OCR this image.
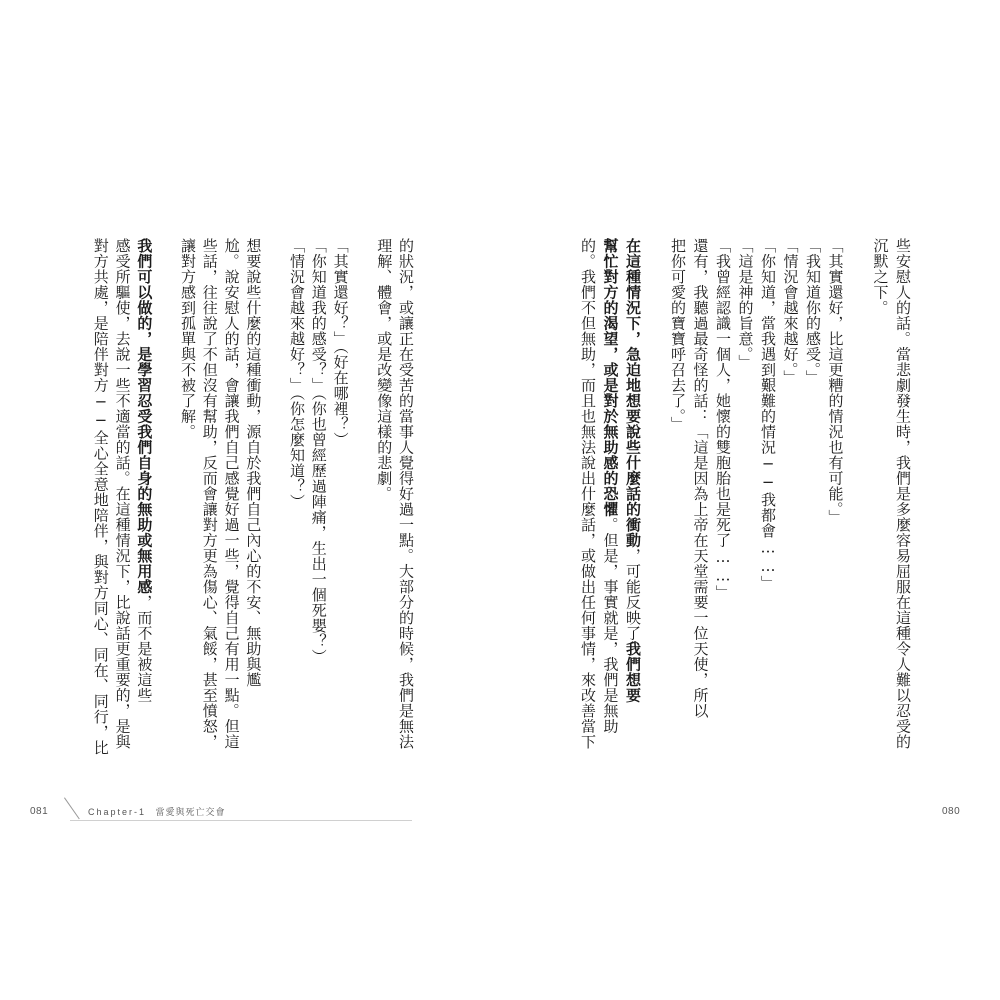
的狀況，或讓正在受苦的當事人覺得好過一點。大部分的時候，我們是無法
理解、體會，或是改變像這樣的悲劇。
「其實還好？」（好在哪裡？）
「你知道我的感受？」（你也曾經歷過陣痛，生出一個死嬰？）
「情況會越來越好？」（你怎麼知道？）
想要說些什麼的這種衝動，源自於我們自己內心的不安、無助與尷
尬。說安慰人的話，會讓我們自己感覺好過一些，覺得自己有用一點。但這
些話，往往說了不但沒有幫助，反而會讓對方更為傷心、氣餒，甚至憤怒，
讓對方感到孤單與不被了解。
我們可以做的，是學習忍受我們自身的無助或無用感，而不是被這些
感受所驅使，去說一些不適當的話。在這種情況下，比說話更重要的，是與
對方共處，是陪伴對方──全心全意地陪伴，與對方同心、同在、同行，比
081	Chapter-1 當愛與死亡交會
些安慰人的話。當悲劇發生時，我們是多麼容易屈服在這種令人難以忍受的
沉默之下。
「其實還好，比這更糟的情況也有可能。」
「我知道你的感受。」
「情況會越來越好。」
「你知道，當我遇到艱難的情況──我都會……」
「這是神的旨意。」
「我曾經認識一個人，她懷的雙胞胎也是死了……」
還有，我聽過最奇怪的話：「這是因為上帝在天堂需要一位天使，所以
把你可愛的寶寶呼召去了。」
在這種情況下，急迫地想要說些什麼話的衝動，可能反映了我們想要
幫忙對方的渴望，或是對於無助感的恐懼。但是，事實就是，我們是無助
的。我們不但無助，而且也無法說出什麼話，或做出任何事情，來改善當下
080
